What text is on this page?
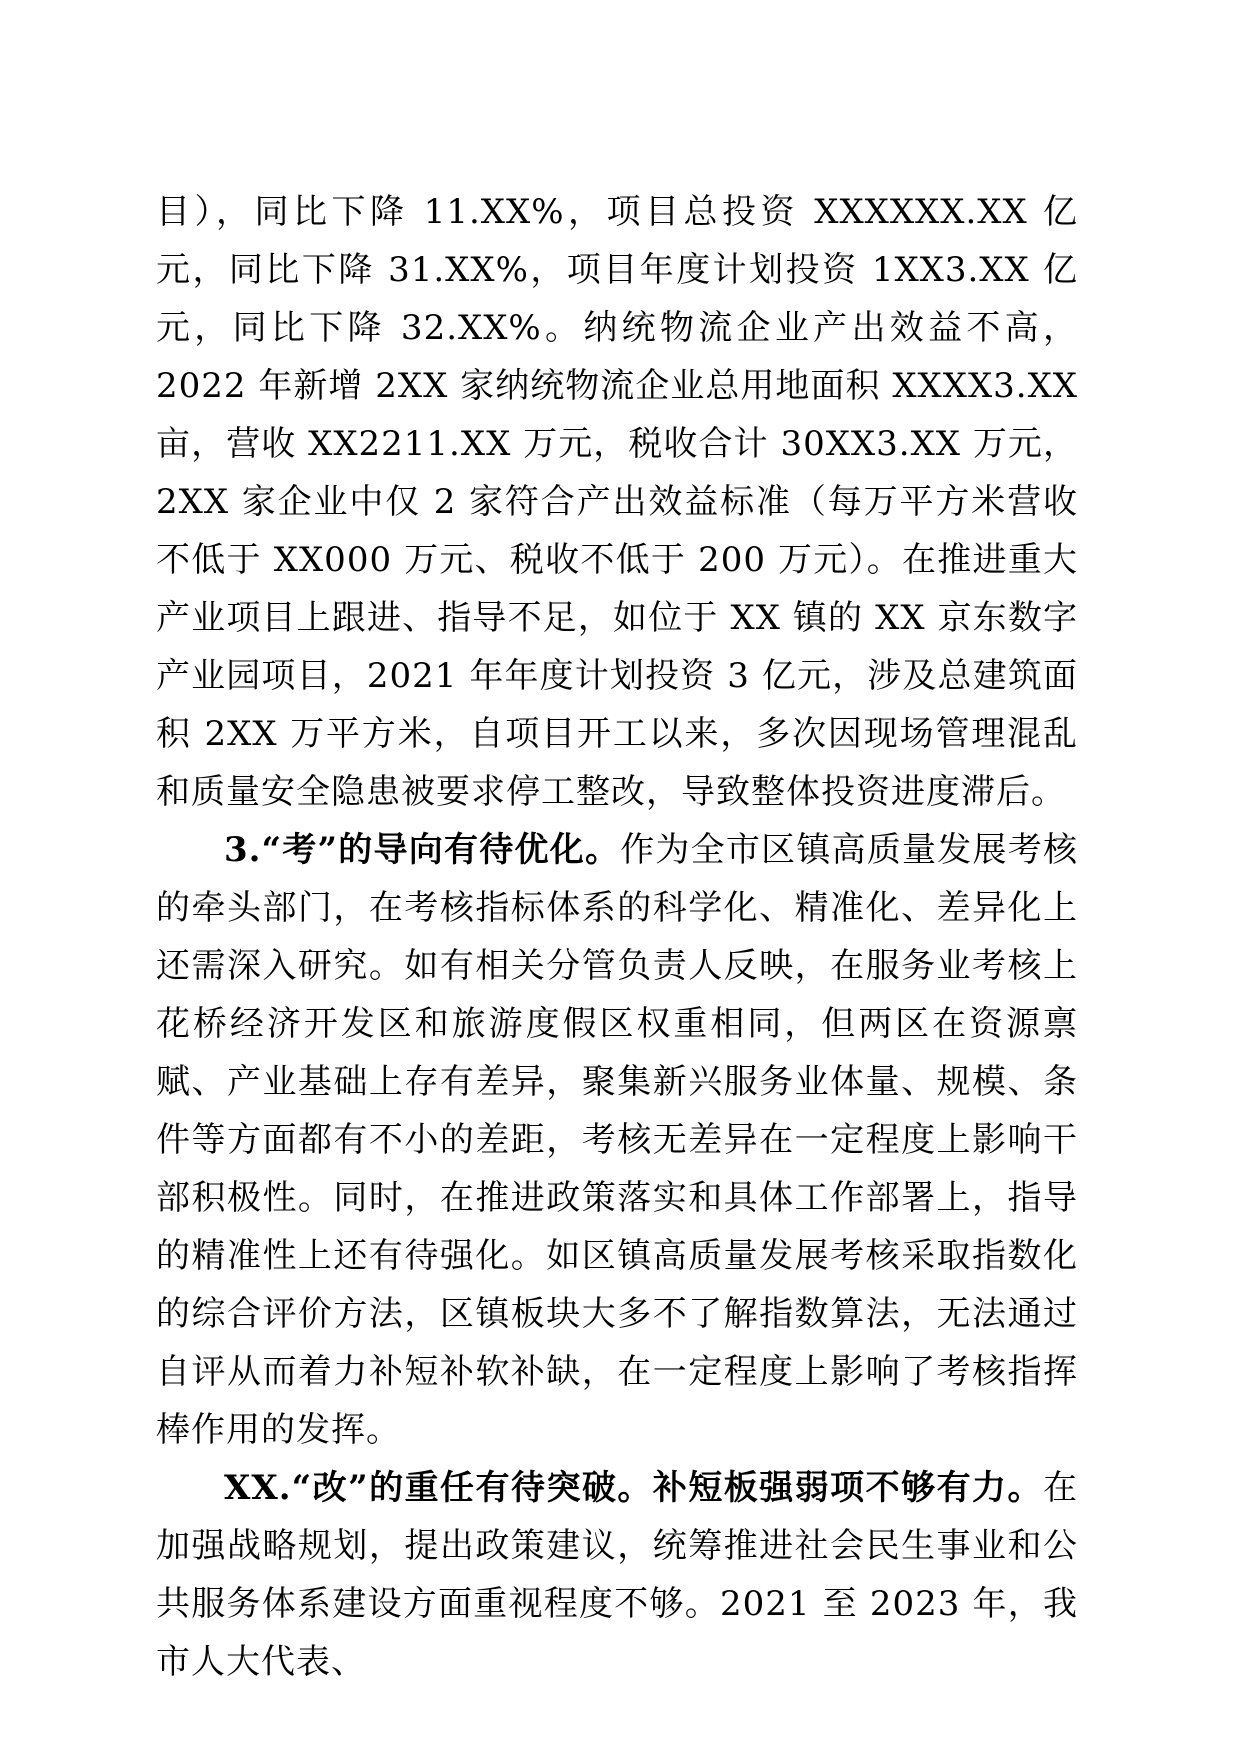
目），同比下降 11.XX%，项目总投资 XXXXXX.XX 亿元，同比下降 31.XX%，项目年度计划投资 1XX3.XX 亿元，同比下降 32.XX%。纳统物流企业产出效益不高，2022 年新增 2XX 家纳统物流企业总用地面积 XXXX3.XX 亩，营收 XX2211.XX 万元，税收合计 30XX3.XX 万元，2XX 家企业中仅 2 家符合产出效益标准（每万平方米营收不低于 XX000 万元、税收不低于 200 万元）。在推进重大产业项目上跟进、指导不足，如位于 XX 镇的 XX 京东数字产业园项目，2021 年年度计划投资 3 亿元，涉及总建筑面积 2XX 万平方米，自项目开工以来，多次因现场管理混乱和质量安全隐患被要求停工整改，导致整体投资进度滞后。

3.“考”的导向有待优化。作为全市区镇高质量发展考核的牵头部门，在考核指标体系的科学化、精准化、差异化上还需深入研究。如有相关分管负责人反映，在服务业考核上花桥经济开发区和旅游度假区权重相同，但两区在资源禀赋、产业基础上存有差异，聚集新兴服务业体量、规模、条件等方面都有不小的差距，考核无差异在一定程度上影响干部积极性。同时，在推进政策落实和具体工作部署上，指导的精准性上还有待强化。如区镇高质量发展考核采取指数化的综合评价方法，区镇板块大多不了解指数算法，无法通过自评从而着力补短补软补缺，在一定程度上影响了考核指挥棒作用的发挥。

XX.“改”的重任有待突破。补短板强弱项不够有力。在加强战略规划，提出政策建议，统筹推进社会民生事业和公共服务体系建设方面重视程度不够。2021 至 2023 年，我市人大代表、
